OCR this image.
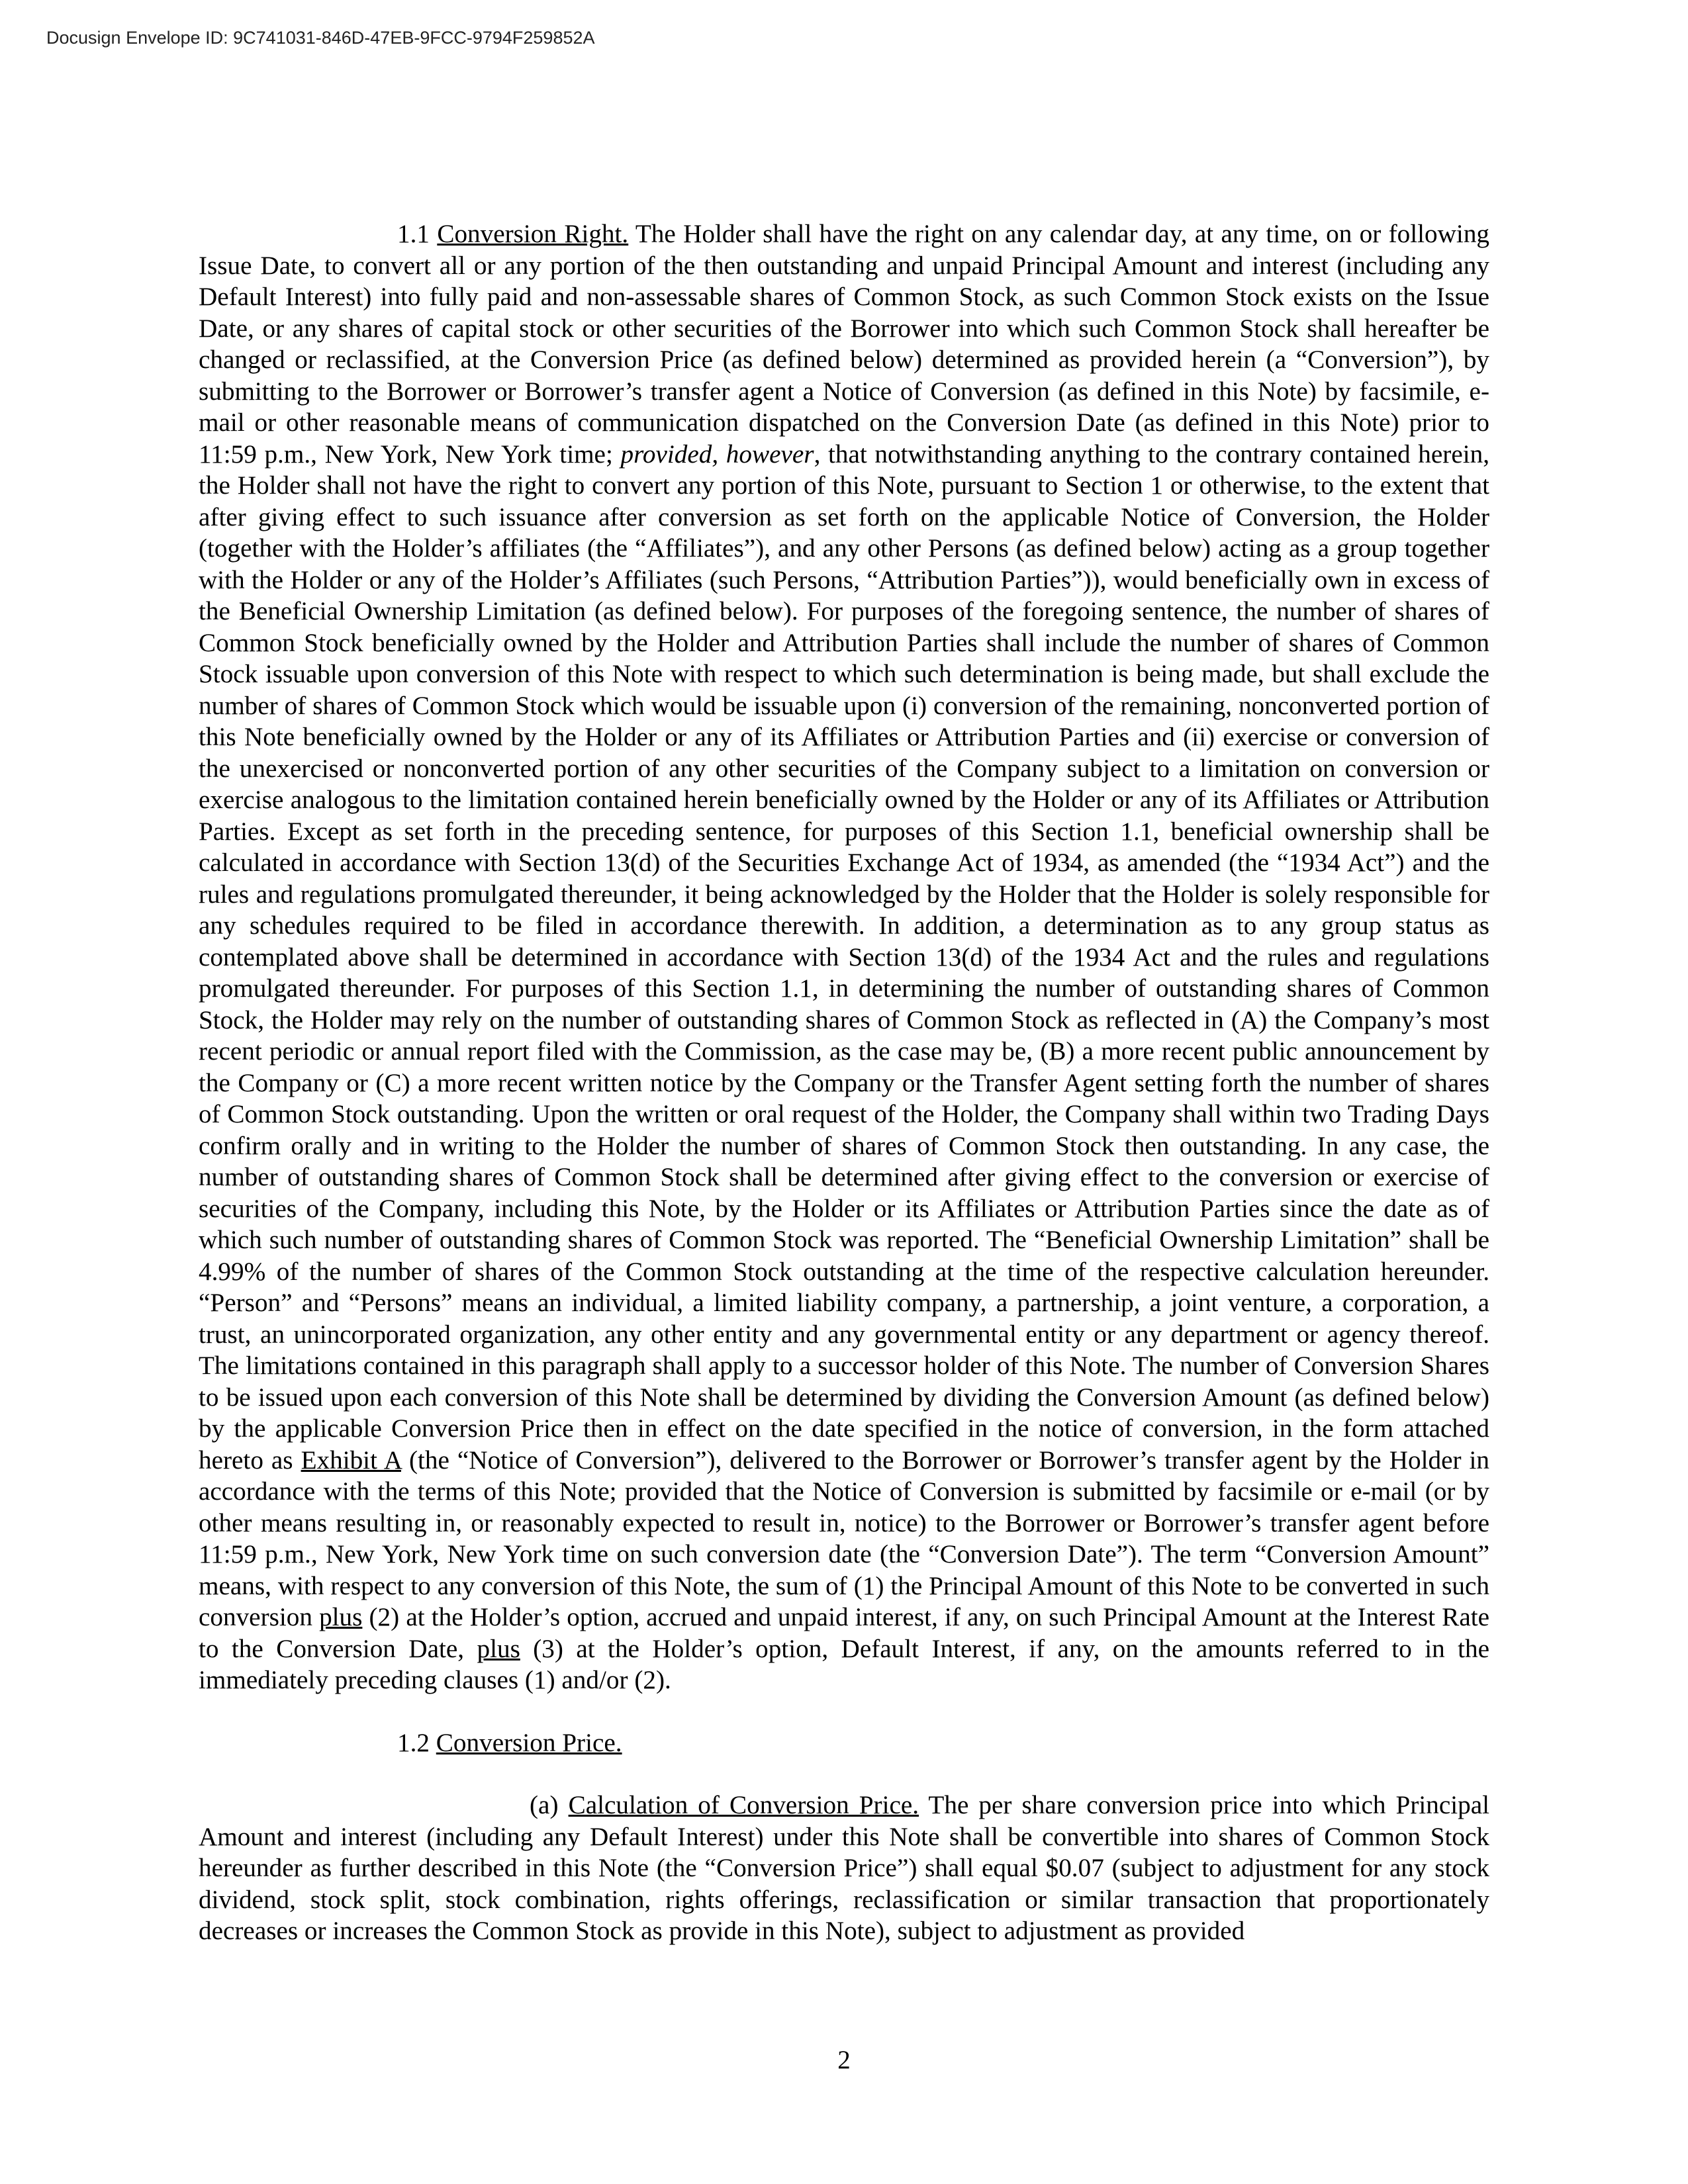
Docusign Envelope ID: 9C741031-846D-47EB-9FCC-9794F259852A

1.1 Conversion Right. The Holder shall have the right on any calendar day, at any time, on or following Issue Date, to convert all or any portion of the then outstanding and unpaid Principal Amount and interest (including any Default Interest) into fully paid and non-assessable shares of Common Stock, as such Common Stock exists on the Issue Date, or any shares of capital stock or other securities of the Borrower into which such Common Stock shall hereafter be changed or reclassified, at the Conversion Price (as defined below) determined as provided herein (a “Conversion”), by submitting to the Borrower or Borrower’s transfer agent a Notice of Conversion (as defined in this Note) by facsimile, e-mail or other reasonable means of communication dispatched on the Conversion Date (as defined in this Note) prior to 11:59 p.m., New York, New York time; provided, however, that notwithstanding anything to the contrary contained herein, the Holder shall not have the right to convert any portion of this Note, pursuant to Section 1 or otherwise, to the extent that after giving effect to such issuance after conversion as set forth on the applicable Notice of Conversion, the Holder (together with the Holder’s affiliates (the “Affiliates”), and any other Persons (as defined below) acting as a group together with the Holder or any of the Holder’s Affiliates (such Persons, “Attribution Parties”)), would beneficially own in excess of the Beneficial Ownership Limitation (as defined below). For purposes of the foregoing sentence, the number of shares of Common Stock beneficially owned by the Holder and Attribution Parties shall include the number of shares of Common Stock issuable upon conversion of this Note with respect to which such determination is being made, but shall exclude the number of shares of Common Stock which would be issuable upon (i) conversion of the remaining, nonconverted portion of this Note beneficially owned by the Holder or any of its Affiliates or Attribution Parties and (ii) exercise or conversion of the unexercised or nonconverted portion of any other securities of the Company subject to a limitation on conversion or exercise analogous to the limitation contained herein beneficially owned by the Holder or any of its Affiliates or Attribution Parties. Except as set forth in the preceding sentence, for purposes of this Section 1.1, beneficial ownership shall be calculated in accordance with Section 13(d) of the Securities Exchange Act of 1934, as amended (the “1934 Act”) and the rules and regulations promulgated thereunder, it being acknowledged by the Holder that the Holder is solely responsible for any schedules required to be filed in accordance therewith. In addition, a determination as to any group status as contemplated above shall be determined in accordance with Section 13(d) of the 1934 Act and the rules and regulations promulgated thereunder. For purposes of this Section 1.1, in determining the number of outstanding shares of Common Stock, the Holder may rely on the number of outstanding shares of Common Stock as reflected in (A) the Company’s most recent periodic or annual report filed with the Commission, as the case may be, (B) a more recent public announcement by the Company or (C) a more recent written notice by the Company or the Transfer Agent setting forth the number of shares of Common Stock outstanding. Upon the written or oral request of the Holder, the Company shall within two Trading Days confirm orally and in writing to the Holder the number of shares of Common Stock then outstanding. In any case, the number of outstanding shares of Common Stock shall be determined after giving effect to the conversion or exercise of securities of the Company, including this Note, by the Holder or its Affiliates or Attribution Parties since the date as of which such number of outstanding shares of Common Stock was reported. The “Beneficial Ownership Limitation” shall be 4.99% of the number of shares of the Common Stock outstanding at the time of the respective calculation hereunder. “Person” and “Persons” means an individual, a limited liability company, a partnership, a joint venture, a corporation, a trust, an unincorporated organization, any other entity and any governmental entity or any department or agency thereof. The limitations contained in this paragraph shall apply to a successor holder of this Note. The number of Conversion Shares to be issued upon each conversion of this Note shall be determined by dividing the Conversion Amount (as defined below) by the applicable Conversion Price then in effect on the date specified in the notice of conversion, in the form attached hereto as Exhibit A (the “Notice of Conversion”), delivered to the Borrower or Borrower’s transfer agent by the Holder in accordance with the terms of this Note; provided that the Notice of Conversion is submitted by facsimile or e-mail (or by other means resulting in, or reasonably expected to result in, notice) to the Borrower or Borrower’s transfer agent before 11:59 p.m., New York, New York time on such conversion date (the “Conversion Date”). The term “Conversion Amount” means, with respect to any conversion of this Note, the sum of (1) the Principal Amount of this Note to be converted in such conversion plus (2) at the Holder’s option, accrued and unpaid interest, if any, on such Principal Amount at the Interest Rate to the Conversion Date, plus (3) at the Holder’s option, Default Interest, if any, on the amounts referred to in the immediately preceding clauses (1) and/or (2).

1.2 Conversion Price.

(a) Calculation of Conversion Price. The per share conversion price into which Principal Amount and interest (including any Default Interest) under this Note shall be convertible into shares of Common Stock hereunder as further described in this Note (the “Conversion Price”) shall equal $0.07 (subject to adjustment for any stock dividend, stock split, stock combination, rights offerings, reclassification or similar transaction that proportionately decreases or increases the Common Stock as provide in this Note), subject to adjustment as provided

2
